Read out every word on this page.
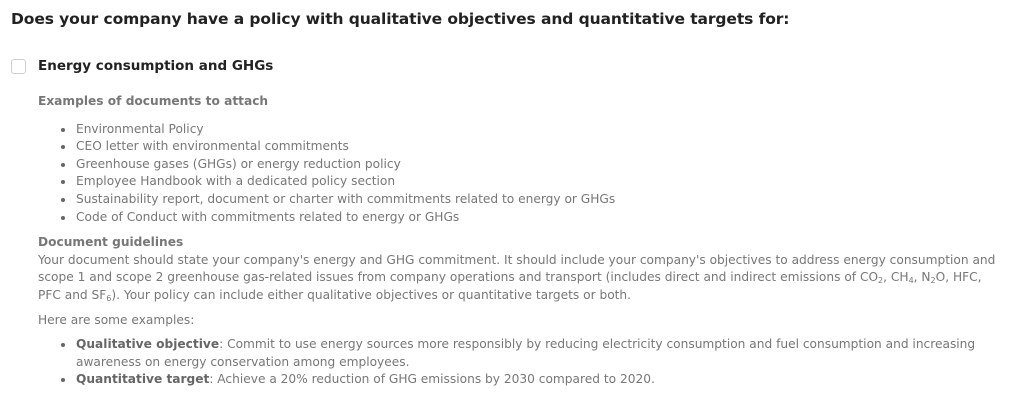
Does your company have a policy with qualitative objectives and quantitative targets for:
Energy consumption and GHGs

Examples of documents to attach

Environmental Policy
CEO letter with environmental commitments
Greenhouse gases (GHGs) or energy reduction policy
Employee Handbook with a dedicated policy section
Sustainability report, document or charter with commitments related to energy or GHGs
Code of Conduct with commitments related to energy or GHGs

Document guidelines

Your document should state your company's energy and GHG commitment. It should include your company's objectives to address energy consumption and scope 1 and scope 2 greenhouse gas-related issues from company operations and transport (includes direct and indirect emissions of $CO_2$, $CH_4$, $N_2O$, HFC, PFC and $SF_6$). Your policy can include either qualitative objectives or quantitative targets or both.

Here are some examples:

Qualitative objective: Commit to use energy sources more responsibly by reducing electricity consumption and fuel consumption and increasing awareness on energy conservation among employees.
Quantitative target: Achieve a 20% reduction of GHG emissions by 2030 compared to 2020.
